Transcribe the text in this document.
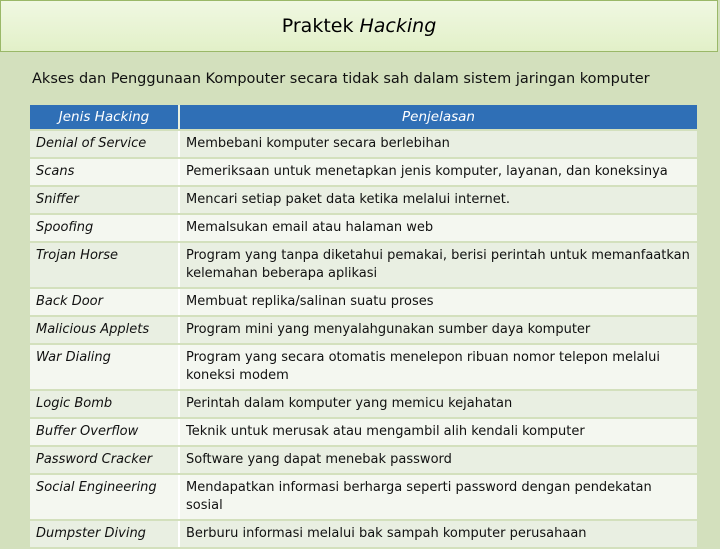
Praktek Hacking
Akses dan Penggunaan Kompouter secara tidak sah dalam sistem jaringan komputer
Jenis Hacking	Penjelasan
Denial of Service	Membebani komputer secara berlebihan
Scans	Pemeriksaan untuk menetapkan jenis komputer, layanan, dan koneksinya
Sniffer	Mencari setiap paket data ketika melalui internet.
Spoofing	Memalsukan email atau halaman web
Trojan Horse	Program yang tanpa diketahui pemakai, berisi perintah untuk memanfaatkan kelemahan beberapa aplikasi
Back Door	Membuat replika/salinan suatu proses
Malicious Applets	Program mini yang menyalahgunakan sumber daya komputer
War Dialing	Program yang secara otomatis menelepon ribuan nomor telepon melalui koneksi modem
Logic Bomb	Perintah dalam komputer yang memicu kejahatan
Buffer Overflow	Teknik untuk merusak atau mengambil alih kendali komputer
Password Cracker	Software yang dapat menebak password
Social Engineering	Mendapatkan informasi berharga seperti password dengan pendekatan sosial
Dumpster Diving	Berburu informasi melalui bak sampah komputer perusahaan
